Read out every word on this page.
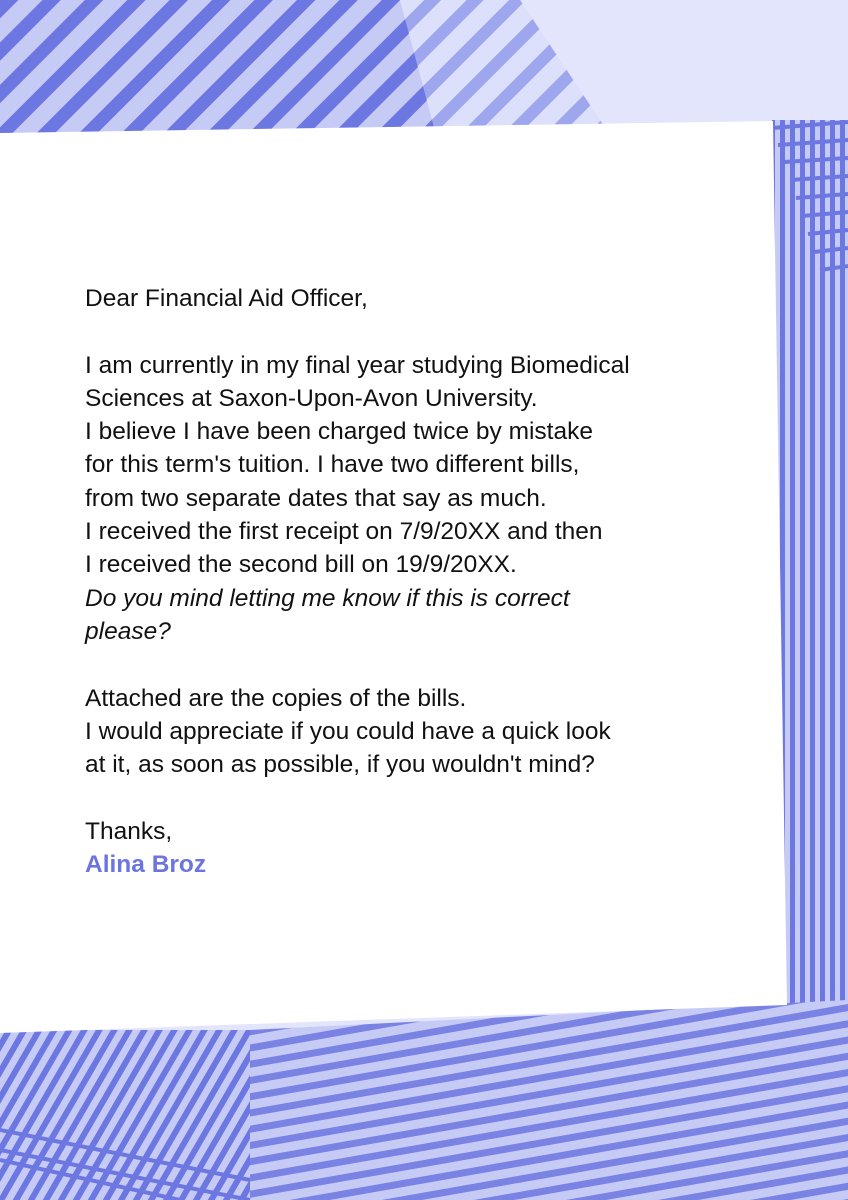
Dear Financial Aid Officer,

I am currently in my final year studying Biomedical

Sciences at Saxon-Upon-Avon University.

I believe I have been charged twice by mistake

for this term's tuition. I have two different bills,

from two separate dates that say as much.

I received the first receipt on 7/9/20XX and then

I received the second bill on 19/9/20XX.

Do you mind letting me know if this is correct

please?

Attached are the copies of the bills.

I would appreciate if you could have a quick look

at it, as soon as possible, if you wouldn't mind?

Thanks,

Alina Broz
